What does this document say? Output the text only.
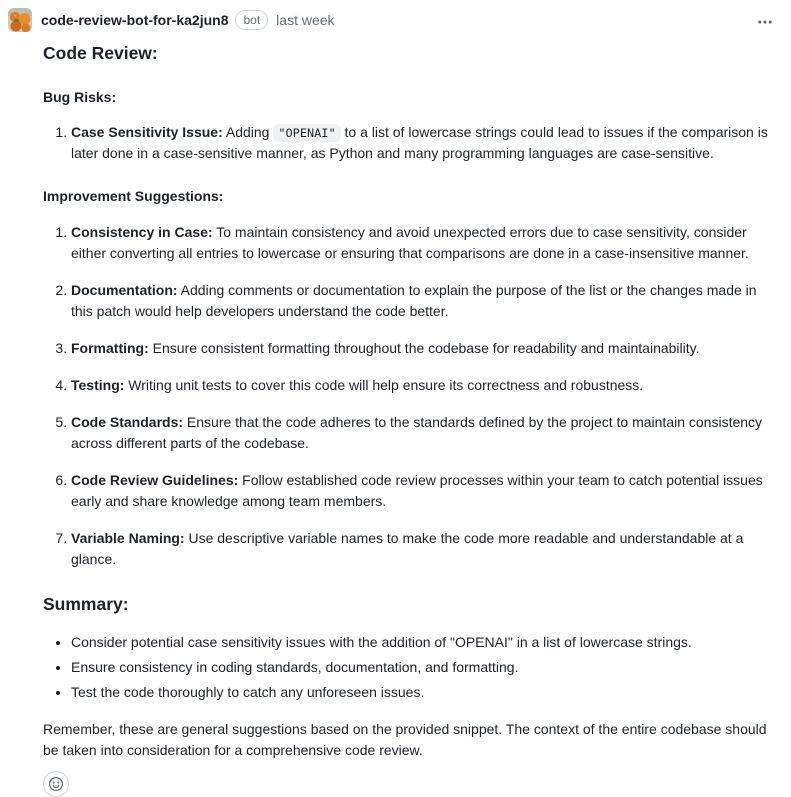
code-review-bot-for-ka2jun8	bot	last week
Code Review:
Bug Risks:
1. Case Sensitivity Issue: Adding "OPENAI" to a list of lowercase strings could lead to issues if the comparison is later done in a case-sensitive manner, as Python and many programming languages are case-sensitive.
Improvement Suggestions:
1. Consistency in Case: To maintain consistency and avoid unexpected errors due to case sensitivity, consider either converting all entries to lowercase or ensuring that comparisons are done in a case-insensitive manner.
2. Documentation: Adding comments or documentation to explain the purpose of the list or the changes made in this patch would help developers understand the code better.
3. Formatting: Ensure consistent formatting throughout the codebase for readability and maintainability.
4. Testing: Writing unit tests to cover this code will help ensure its correctness and robustness.
5. Code Standards: Ensure that the code adheres to the standards defined by the project to maintain consistency across different parts of the codebase.
6. Code Review Guidelines: Follow established code review processes within your team to catch potential issues early and share knowledge among team members.
7. Variable Naming: Use descriptive variable names to make the code more readable and understandable at a glance.
Summary:
• Consider potential case sensitivity issues with the addition of "OPENAI" in a list of lowercase strings.
• Ensure consistency in coding standards, documentation, and formatting.
• Test the code thoroughly to catch any unforeseen issues.

Remember, these are general suggestions based on the provided snippet. The context of the entire codebase should be taken into consideration for a comprehensive code review.
